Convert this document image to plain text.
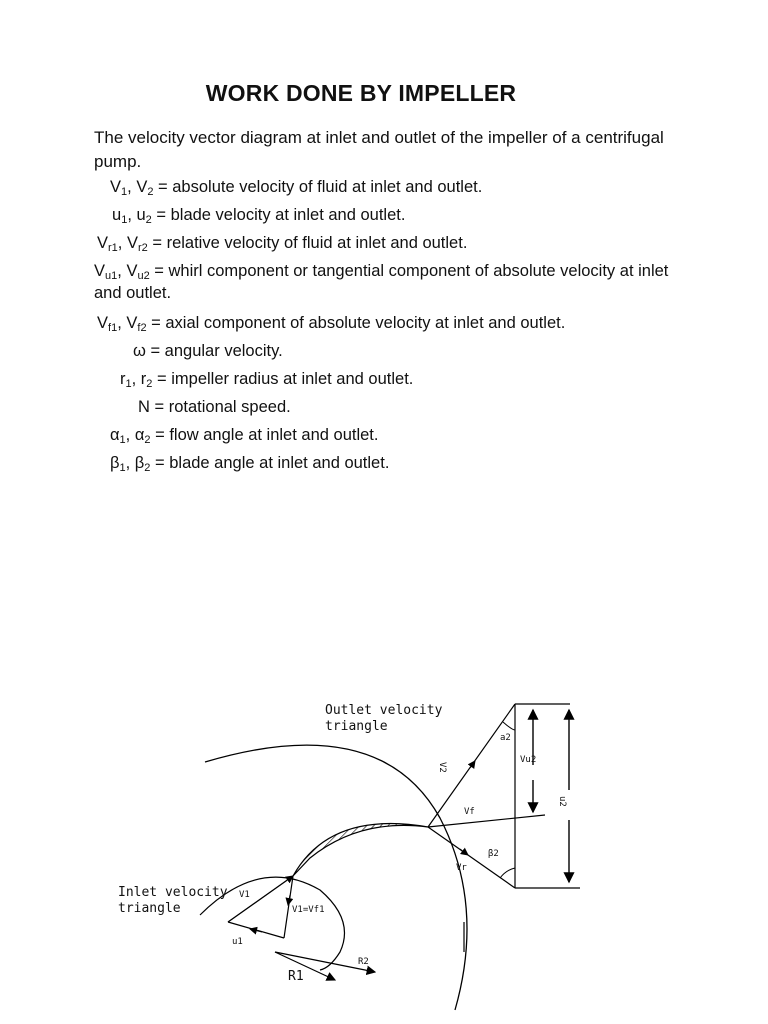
WORK DONE BY IMPELLER
The velocity vector diagram at inlet and outlet of the impeller of a centrifugal pump.
$V_1$, $V_2$ = absolute velocity of fluid at inlet and outlet.
$u_1$, $u_2$ = blade velocity at inlet and outlet.
$V_{r1}$, $V_{r2}$ = relative velocity of fluid at inlet and outlet.
$V_{u1}$, $V_{u2}$ = whirl component or tangential component of absolute velocity at inlet and outlet.
$V_{f1}$, $V_{f2}$ = axial component of absolute velocity at inlet and outlet.
ω = angular velocity.
$r_1$, $r_2$ = impeller radius at inlet and outlet.
N = rotational speed.
$\alpha_1$, $\alpha_2$ = flow angle at inlet and outlet.
$\beta_1$, $\beta_2$ = blade angle at inlet and outlet.
Outlet velocity
triangle
Inlet velocity
triangle
V2
a2
Vu2
u2
Vf
β2
Vr
V1
V1=Vf1
u1
R1
R2
